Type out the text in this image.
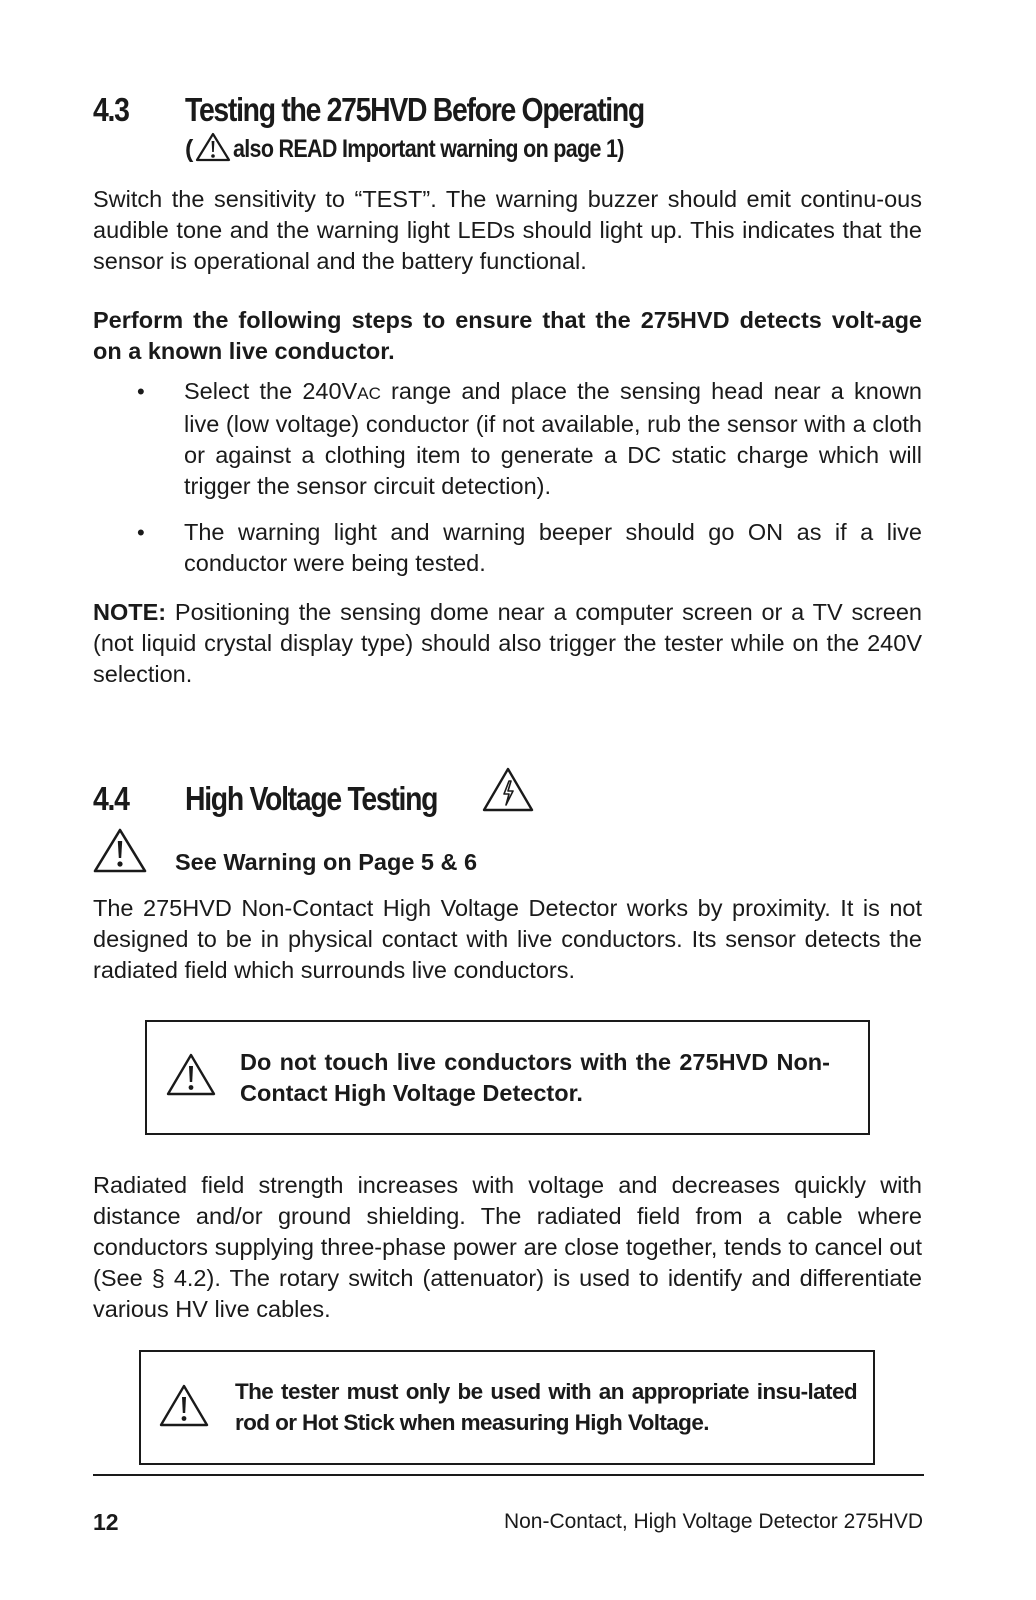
4.3 Testing the 275HVD Before Operating
( also READ Important warning on page 1)
Switch the sensitivity to “TEST”. The warning buzzer should emit continu-ous audible tone and the warning light LEDs should light up. This indicates that the sensor is operational and the battery functional.
Perform the following steps to ensure that the 275HVD detects volt-age on a known live conductor.
• Select the 240VAC range and place the sensing head near a known live (low voltage) conductor (if not available, rub the sensor with a cloth or against a clothing item to generate a DC static charge which will trigger the sensor circuit detection).
• The warning light and warning beeper should go ON as if a live conductor were being tested.
NOTE: Positioning the sensing dome near a computer screen or a TV screen (not liquid crystal display type) should also trigger the tester while on the 240V selection.
4.4 High Voltage Testing
See Warning on Page 5 & 6
The 275HVD Non-Contact High Voltage Detector works by proximity. It is not designed to be in physical contact with live conductors. Its sensor detects the radiated field which surrounds live conductors.
Do not touch live conductors with the 275HVD Non-Contact High Voltage Detector.
Radiated field strength increases with voltage and decreases quickly with distance and/or ground shielding. The radiated field from a cable where conductors supplying three-phase power are close together, tends to cancel out (See § 4.2). The rotary switch (attenuator) is used to identify and differentiate various HV live cables.
The tester must only be used with an appropriate insu-lated rod or Hot Stick when measuring High Voltage.
12	Non-Contact, High Voltage Detector 275HVD
